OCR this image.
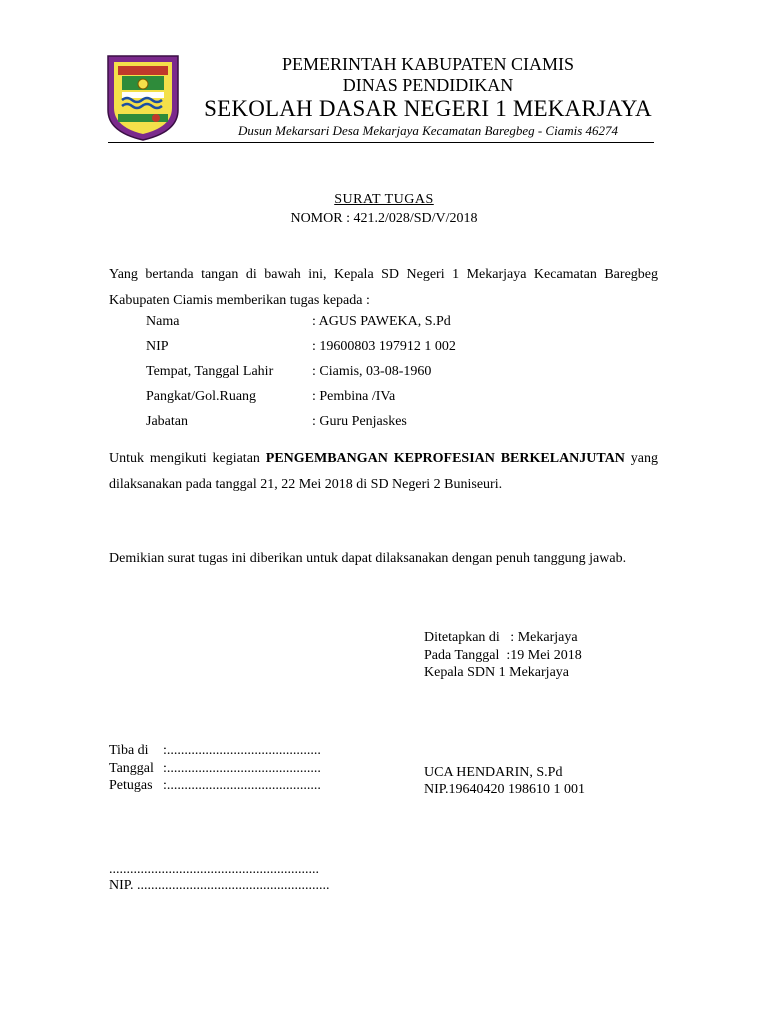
PEMERINTAH KABUPATEN CIAMIS
DINAS PENDIDIKAN
SEKOLAH DASAR NEGERI 1 MEKARJAYA
Dusun Mekarsari Desa Mekarjaya Kecamatan Baregbeg - Ciamis 46274
SURAT TUGAS
NOMOR : 421.2/028/SD/V/2018
Yang bertanda tangan di bawah ini, Kepala SD Negeri 1 Mekarjaya Kecamatan Baregbeg Kabupaten Ciamis memberikan tugas kepada :
Nama	: AGUS PAWEKA, S.Pd
NIP	: 19600803 197912 1 002
Tempat, Tanggal Lahir	: Ciamis, 03-08-1960
Pangkat/Gol.Ruang	: Pembina /IVa
Jabatan	: Guru Penjaskes
Untuk mengikuti kegiatan PENGEMBANGAN KEPROFESIAN BERKELANJUTAN yang dilaksanakan pada tanggal 21, 22 Mei 2018 di SD Negeri 2 Buniseuri.
Demikian surat tugas ini diberikan untuk dapat dilaksanakan dengan penuh tanggung jawab.
Ditetapkan di   : Mekarjaya
Pada Tanggal  :19 Mei 2018
Kepala SDN 1 Mekarjaya
UCA HENDARIN, S.Pd
NIP.19640420 198610 1 001
Tiba di :............................................
Tanggal :............................................
Petugas :............................................
............................................................
NIP. .......................................................
